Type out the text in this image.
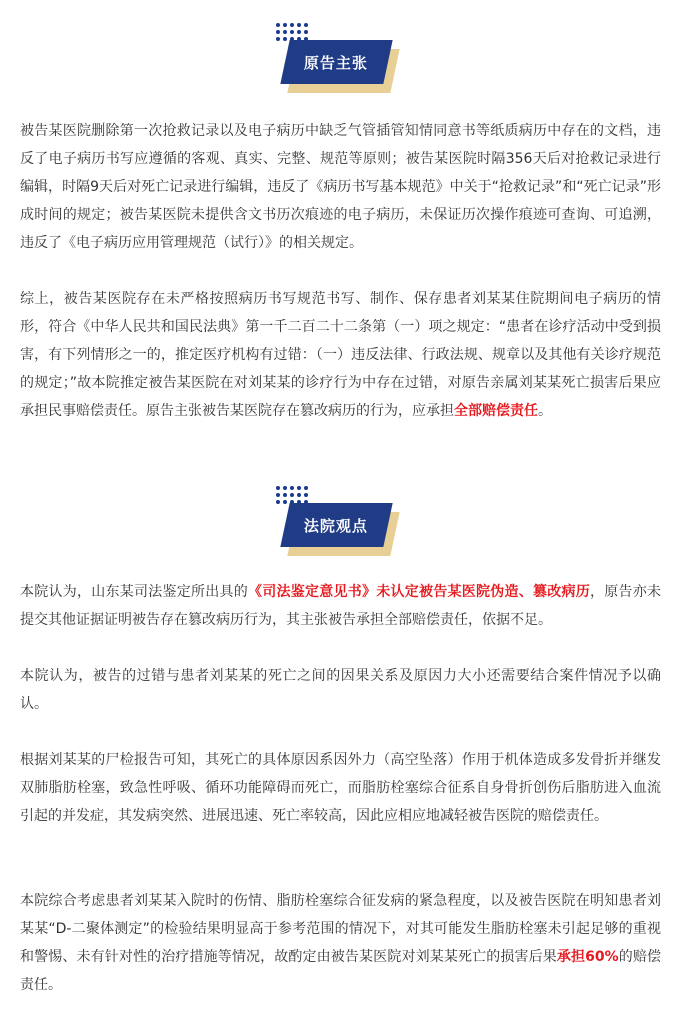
原告主张

被告某医院删除第一次抢救记录以及电子病历中缺乏气管插管知情同意书等纸质病历中存在的文档，违反了电子病历书写应遵循的客观、真实、完整、规范等原则；被告某医院时隔356天后对抢救记录进行编辑，时隔9天后对死亡记录进行编辑，违反了《病历书写基本规范》中关于“抢救记录”和“死亡记录”形成时间的规定；被告某医院未提供含文书历次痕迹的电子病历，未保证历次操作痕迹可查询、可追溯，违反了《电子病历应用管理规范（试行）》的相关规定。

综上，被告某医院存在未严格按照病历书写规范书写、制作、保存患者刘某某住院期间电子病历的情形，符合《中华人民共和国民法典》第一千二百二十二条第（一）项之规定：“患者在诊疗活动中受到损害，有下列情形之一的，推定医疗机构有过错：（一）违反法律、行政法规、规章以及其他有关诊疗规范的规定；”故本院推定被告某医院在对刘某某的诊疗行为中存在过错，对原告亲属刘某某死亡损害后果应承担民事赔偿责任。原告主张被告某医院存在篡改病历的行为，应承担全部赔偿责任。

法院观点

本院认为，山东某司法鉴定所出具的《司法鉴定意见书》未认定被告某医院伪造、篡改病历，原告亦未提交其他证据证明被告存在篡改病历行为，其主张被告承担全部赔偿责任，依据不足。

本院认为，被告的过错与患者刘某某的死亡之间的因果关系及原因力大小还需要结合案件情况予以确认。

根据刘某某的尸检报告可知，其死亡的具体原因系因外力（高空坠落）作用于机体造成多发骨折并继发双肺脂肪栓塞，致急性呼吸、循环功能障碍而死亡，而脂肪栓塞综合征系自身骨折创伤后脂肪进入血流引起的并发症，其发病突然、进展迅速、死亡率较高，因此应相应地减轻被告医院的赔偿责任。

本院综合考虑患者刘某某入院时的伤情、脂肪栓塞综合征发病的紧急程度，以及被告医院在明知患者刘某某“D-二聚体测定”的检验结果明显高于参考范围的情况下，对其可能发生脂肪栓塞未引起足够的重视和警惕、未有针对性的治疗措施等情况，故酌定由被告某医院对刘某某死亡的损害后果承担60%的赔偿责任。
